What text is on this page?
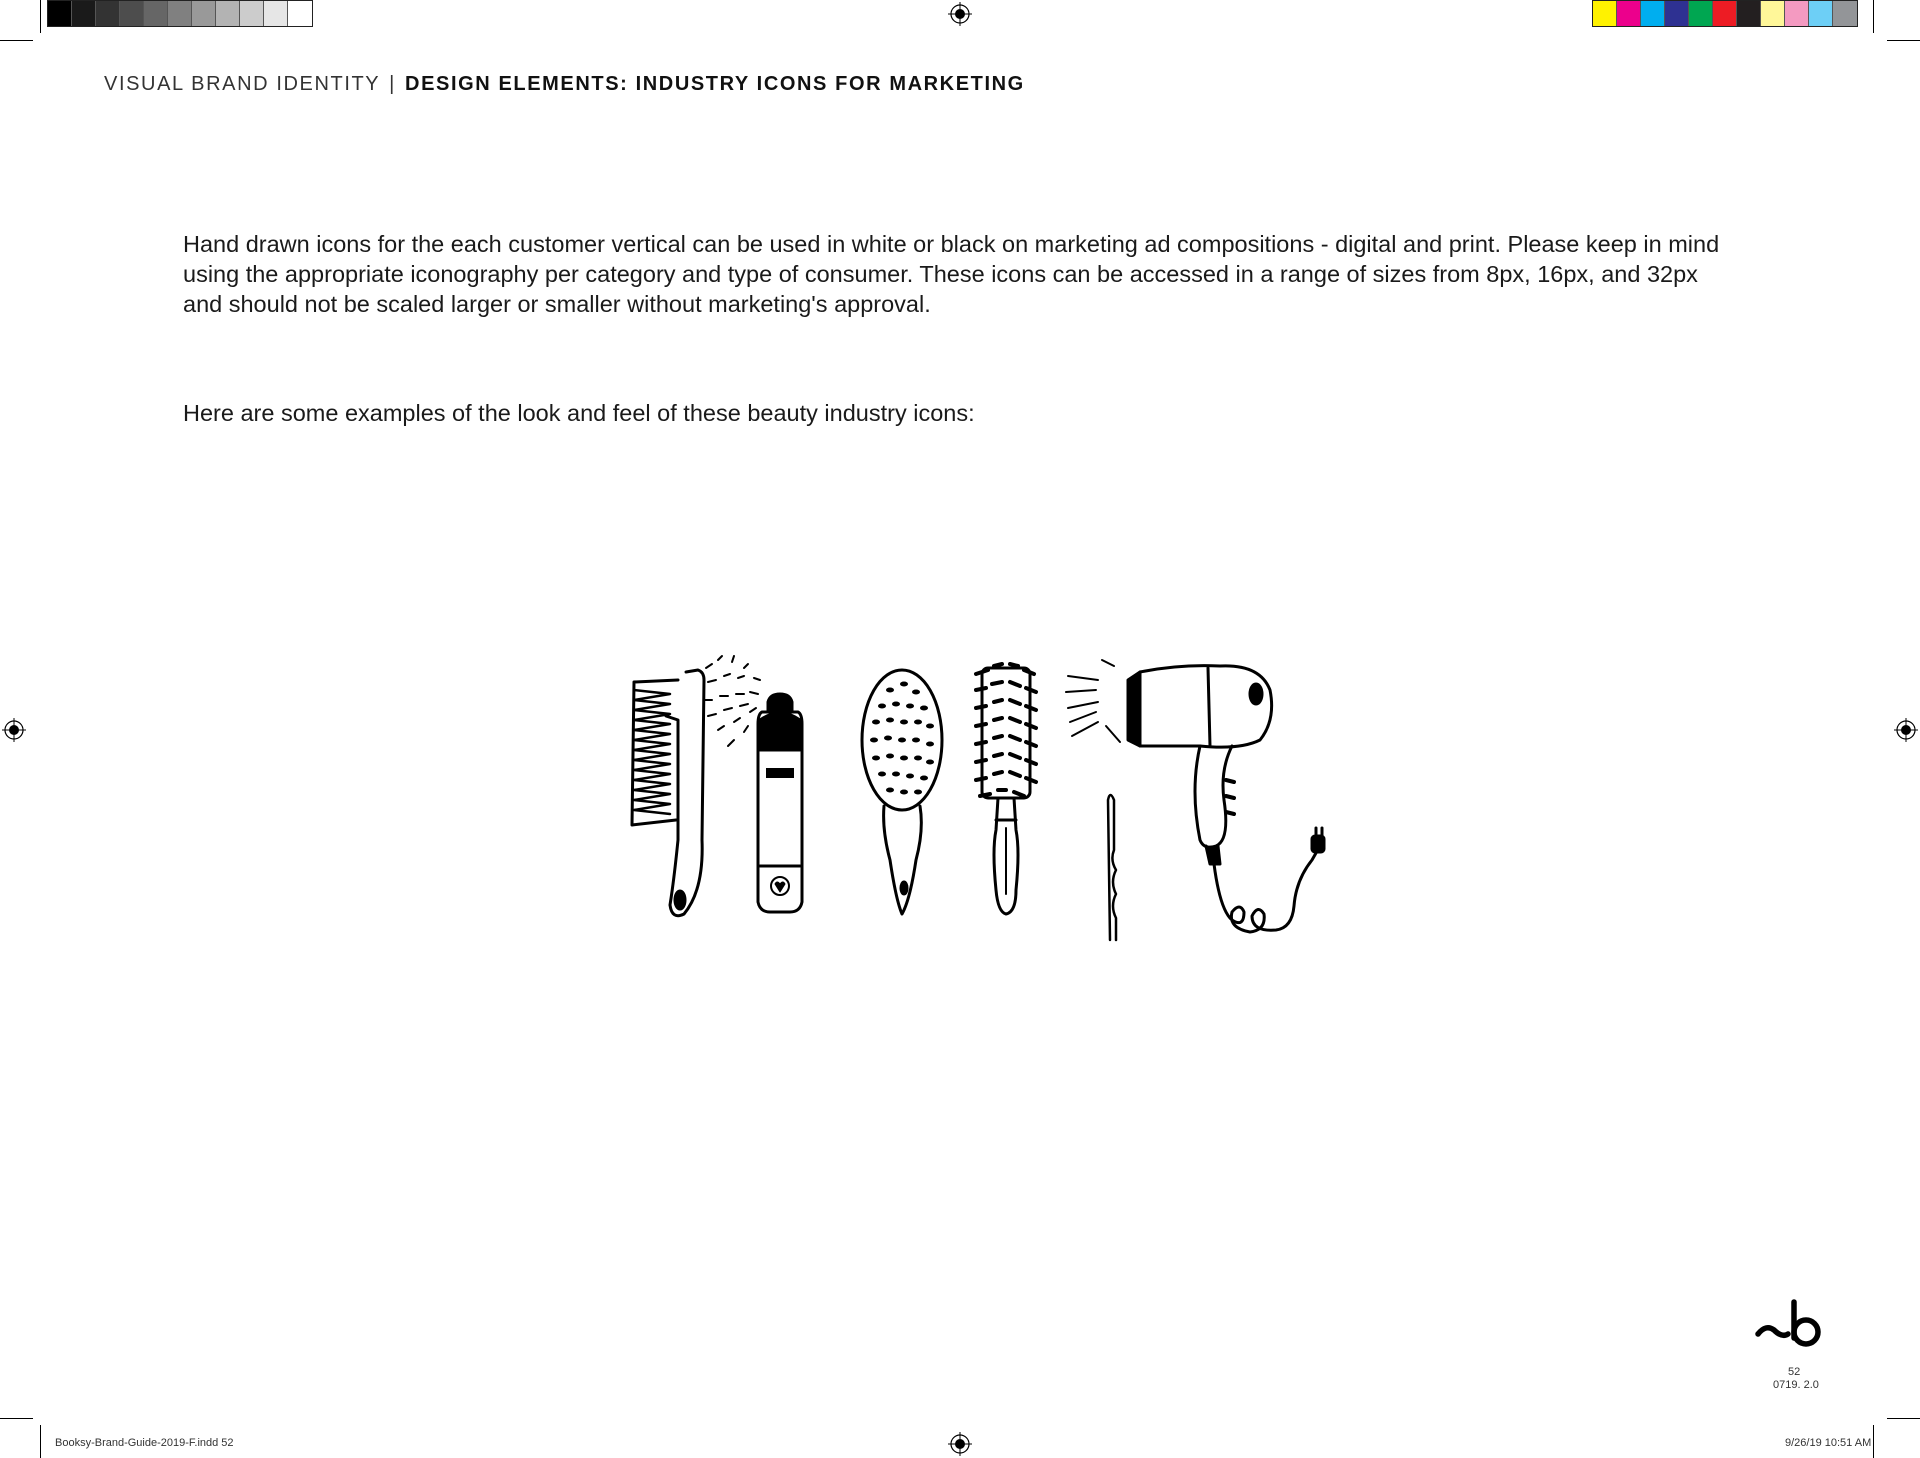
VISUAL BRAND IDENTITY | DESIGN ELEMENTS: INDUSTRY ICONS FOR MARKETING

Hand drawn icons for the each customer vertical can be used in white or black on marketing ad compositions - digital and print. Please keep in mind using the appropriate iconography per category and type of consumer. These icons can be accessed in a range of sizes from 8px, 16px, and 32px and should not be scaled larger or smaller without marketing's approval.

Here are some examples of the look and feel of these beauty industry icons:

52
0719. 2.0
Booksy-Brand-Guide-2019-F.indd 52	9/26/19 10:51 AM
